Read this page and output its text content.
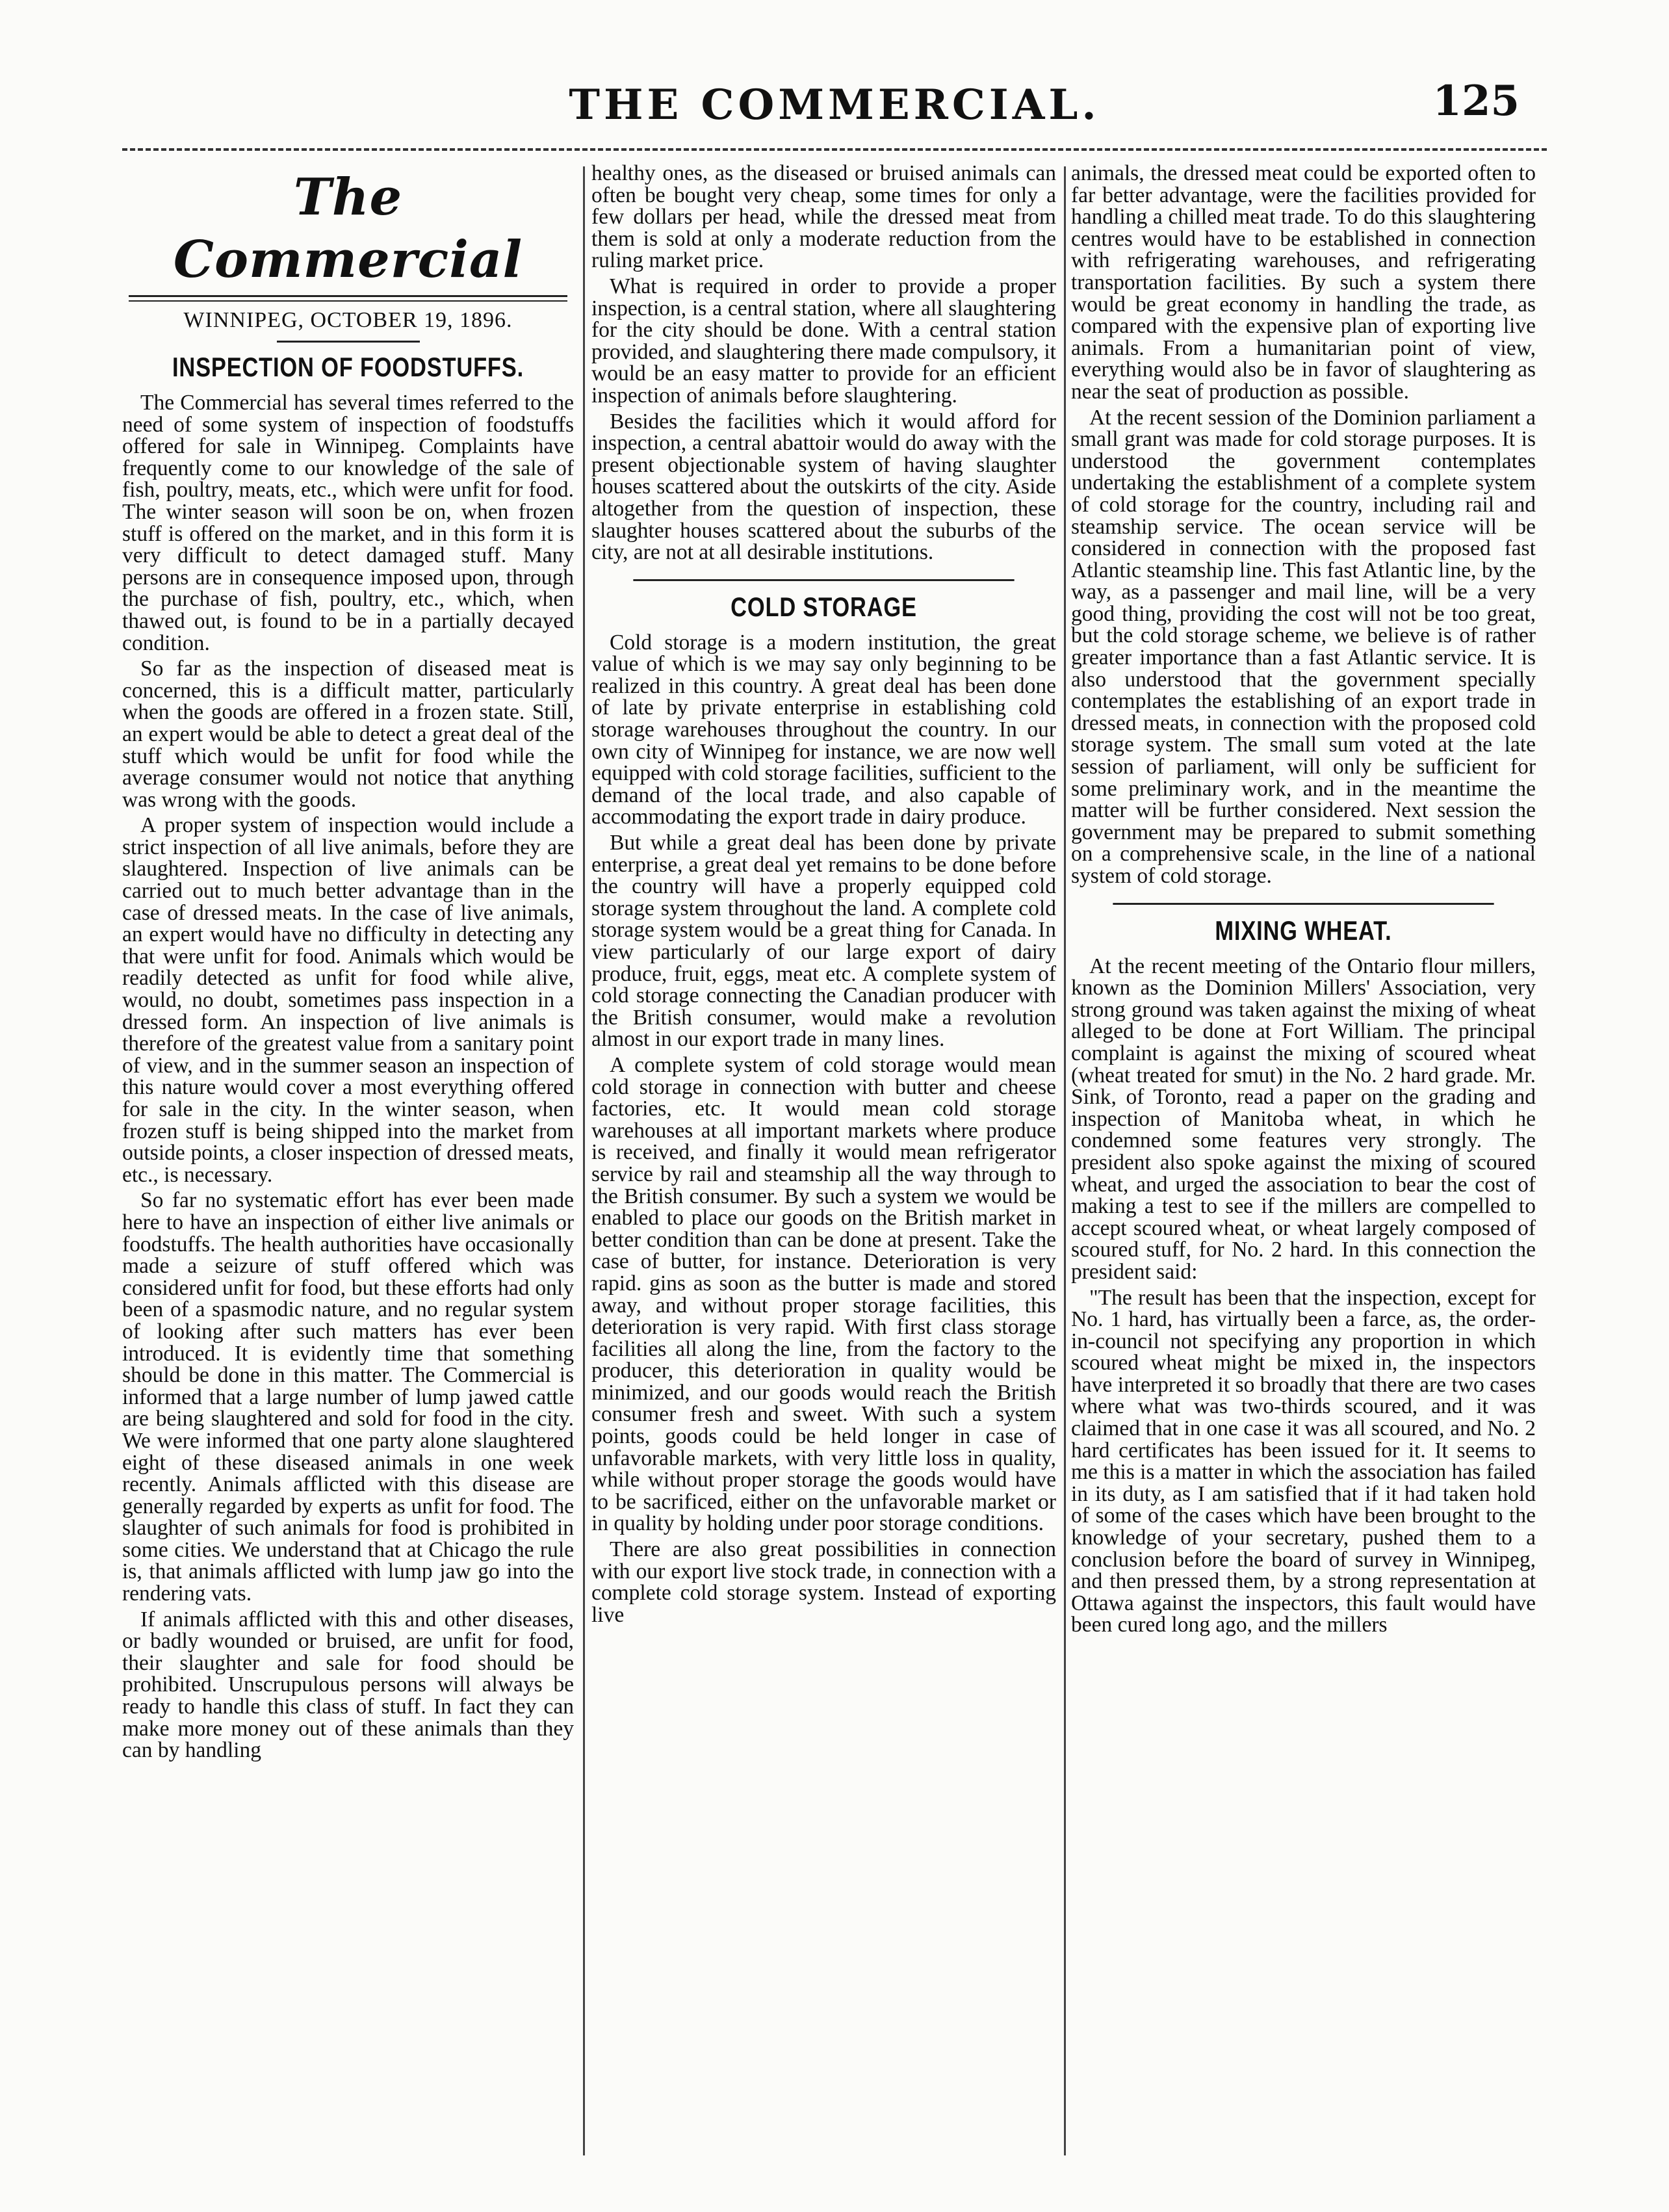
THE COMMERCIAL.	125
The Commercial
WINNIPEG, OCTOBER 19, 1896.
INSPECTION OF FOODSTUFFS.

The Commercial has several times referred to the need of some system of inspection of foodstuffs offered for sale in Winnipeg. Complaints have frequently come to our knowledge of the sale of fish, poultry, meats, etc., which were unfit for food. The winter season will soon be on, when frozen stuff is offered on the market, and in this form it is very difficult to detect damaged stuff. Many persons are in consequence imposed upon, through the purchase of fish, poultry, etc., which, when thawed out, is found to be in a partially decayed condition.

So far as the inspection of diseased meat is concerned, this is a difficult matter, particularly when the goods are offered in a frozen state. Still, an expert would be able to detect a great deal of the stuff which would be unfit for food while the average consumer would not notice that anything was wrong with the goods.

A proper system of inspection would include a strict inspection of all live animals, before they are slaughtered. Inspection of live animals can be carried out to much better advantage than in the case of dressed meats. In the case of live animals, an expert would have no difficulty in detecting any that were unfit for food. Animals which would be readily detected as unfit for food while alive, would, no doubt, sometimes pass inspection in a dressed form. An inspection of live animals is therefore of the greatest value from a sanitary point of view, and in the summer season an inspection of this nature would cover a most everything offered for sale in the city. In the winter season, when frozen stuff is being shipped into the market from outside points, a closer inspection of dressed meats, etc., is necessary.

So far no systematic effort has ever been made here to have an inspection of either live animals or foodstuffs. The health authorities have occasionally made a seizure of stuff offered which was considered unfit for food, but these efforts had only been of a spasmodic nature, and no regular system of looking after such matters has ever been introduced. It is evidently time that something should be done in this matter. The Commercial is informed that a large number of lump jawed cattle are being slaughtered and sold for food in the city. We were informed that one party alone slaughtered eight of these diseased animals in one week recently. Animals afflicted with this disease are generally regarded by experts as unfit for food. The slaughter of such animals for food is prohibited in some cities. We understand that at Chicago the rule is, that animals afflicted with lump jaw go into the rendering vats.

If animals afflicted with this and other diseases, or badly wounded or bruised, are unfit for food, their slaughter and sale for food should be prohibited. Unscrupulous persons will always be ready to handle this class of stuff. In fact they can make more money out of these animals than they can by handling

healthy ones, as the diseased or bruised animals can often be bought very cheap, some times for only a few dollars per head, while the dressed meat from them is sold at only a moderate reduction from the ruling market price.

What is required in order to provide a proper inspection, is a central station, where all slaughtering for the city should be done. With a central station provided, and slaughtering there made compulsory, it would be an easy matter to provide for an efficient inspection of animals before slaughtering.

Besides the facilities which it would afford for inspection, a central abattoir would do away with the present objectionable system of having slaughter houses scattered about the outskirts of the city. Aside altogether from the question of inspection, these slaughter houses scattered about the suburbs of the city, are not at all desirable institutions.

COLD STORAGE

Cold storage is a modern institution, the great value of which is we may say only beginning to be realized in this country. A great deal has been done of late by private enterprise in establishing cold storage warehouses throughout the country. In our own city of Winnipeg for instance, we are now well equipped with cold storage facilities, sufficient to the demand of the local trade, and also capable of accommodating the export trade in dairy produce.

But while a great deal has been done by private enterprise, a great deal yet remains to be done before the country will have a properly equipped cold storage system throughout the land. A complete cold storage system would be a great thing for Canada. In view particularly of our large export of dairy produce, fruit, eggs, meat etc. A complete system of cold storage connecting the Canadian producer with the British consumer, would make a revolution almost in our export trade in many lines.

A complete system of cold storage would mean cold storage in connection with butter and cheese factories, etc. It would mean cold storage warehouses at all important markets where produce is received, and finally it would mean refrigerator service by rail and steamship all the way through to the British consumer. By such a system we would be enabled to place our goods on the British market in better condition than can be done at present. Take the case of butter, for instance. Deterioration is very rapid. gins as soon as the butter is made and stored away, and without proper storage facilities, this deterioration is very rapid. With first class storage facilities all along the line, from the factory to the producer, this deterioration in quality would be minimized, and our goods would reach the British consumer fresh and sweet. With such a system points, goods could be held longer in case of unfavorable markets, with very little loss in quality, while without proper storage the goods would have to be sacrificed, either on the unfavorable market or in quality by holding under poor storage conditions.

There are also great possibilities in connection with our export live stock trade, in connection with a complete cold storage system. Instead of exporting live

animals, the dressed meat could be exported often to far better advantage, were the facilities provided for handling a chilled meat trade. To do this slaughtering centres would have to be established in connection with refrigerating warehouses, and refrigerating transportation facilities. By such a system there would be great economy in handling the trade, as compared with the expensive plan of exporting live animals. From a humanitarian point of view, everything would also be in favor of slaughtering as near the seat of production as possible.

At the recent session of the Dominion parliament a small grant was made for cold storage purposes. It is understood the government contemplates undertaking the establishment of a complete system of cold storage for the country, including rail and steamship service. The ocean service will be considered in connection with the proposed fast Atlantic steamship line. This fast Atlantic line, by the way, as a passenger and mail line, will be a very good thing, providing the cost will not be too great, but the cold storage scheme, we believe is of rather greater importance than a fast Atlantic service. It is also understood that the government specially contemplates the establishing of an export trade in dressed meats, in connection with the proposed cold storage system. The small sum voted at the late session of parliament, will only be sufficient for some preliminary work, and in the meantime the matter will be further considered. Next session the government may be prepared to submit something on a comprehensive scale, in the line of a national system of cold storage.

MIXING WHEAT.

At the recent meeting of the Ontario flour millers, known as the Dominion Millers' Association, very strong ground was taken against the mixing of wheat alleged to be done at Fort William. The principal complaint is against the mixing of scoured wheat (wheat treated for smut) in the No. 2 hard grade. Mr. Sink, of Toronto, read a paper on the grading and inspection of Manitoba wheat, in which he condemned some features very strongly. The president also spoke against the mixing of scoured wheat, and urged the association to bear the cost of making a test to see if the millers are compelled to accept scoured wheat, or wheat largely composed of scoured stuff, for No. 2 hard. In this connection the president said:

"The result has been that the inspection, except for No. 1 hard, has virtually been a farce, as, the order-in-council not specifying any proportion in which scoured wheat might be mixed in, the inspectors have interpreted it so broadly that there are two cases where what was two-thirds scoured, and it was claimed that in one case it was all scoured, and No. 2 hard certificates has been issued for it. It seems to me this is a matter in which the association has failed in its duty, as I am satisfied that if it had taken hold of some of the cases which have been brought to the knowledge of your secretary, pushed them to a conclusion before the board of survey in Winnipeg, and then pressed them, by a strong representation at Ottawa against the inspectors, this fault would have been cured long ago, and the millers
